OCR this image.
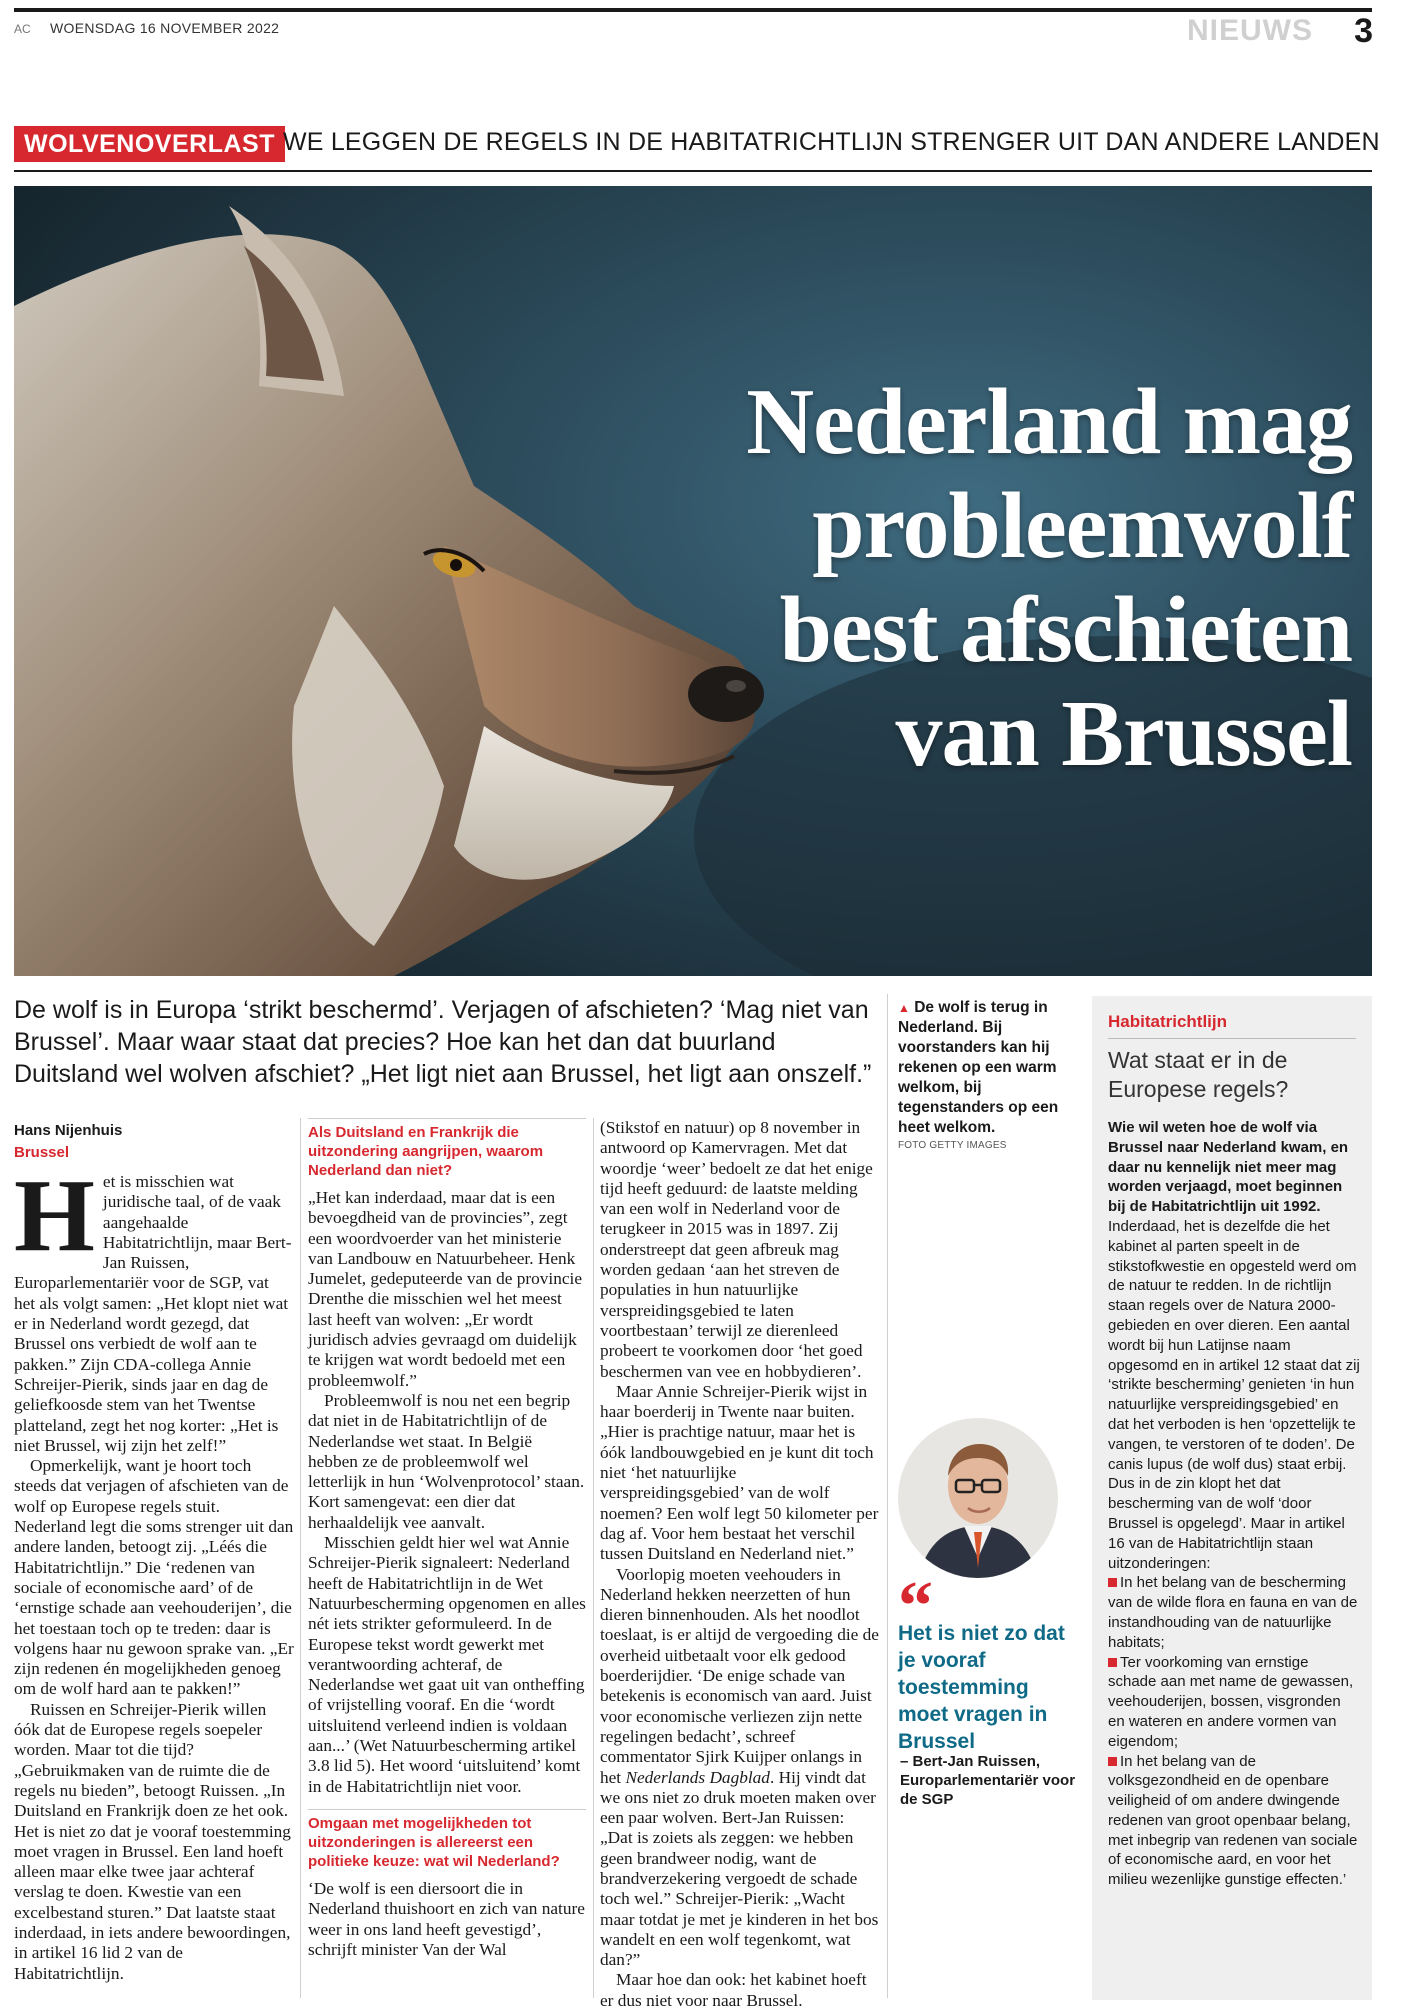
AC WOENSDAG 16 NOVEMBER 2022	NIEUWS 3
WOLVENOVERLAST WE LEGGEN DE REGELS IN DE HABITATRICHTLIJN STRENGER UIT DAN ANDERE LANDEN
Nederland mag
probleemwolf
best afschieten
van Brussel
De wolf is in Europa ‘strikt beschermd’. Verjagen of afschieten? ‘Mag niet van Brussel’. Maar waar staat dat precies? Hoe kan het dan dat buurland Duitsland wel wolven afschiet? „Het ligt niet aan Brussel, het ligt aan onszelf.”
Hans Nijenhuis
Brussel
H et is misschien wat juridische taal, of de vaak aangehaalde Habitatrichtlijn, maar Bert-Jan Ruissen, Europarlementariër voor de SGP, vat het als volgt samen: „Het klopt niet wat er in Nederland wordt gezegd, dat Brussel ons verbiedt de wolf aan te pakken.” Zijn CDA-collega Annie Schreijer-Pierik, sinds jaar en dag de geliefkoosde stem van het Twentse platteland, zegt het nog korter: „Het is niet Brussel, wij zijn het zelf!”

Opmerkelijk, want je hoort toch steeds dat verjagen of afschieten van de wolf op Europese regels stuit. Nederland legt die soms strenger uit dan andere landen, betoogt zij. „Léés die Habitatrichtlijn.” Die ‘redenen van sociale of economische aard’ of de ‘ernstige schade aan veehouderijen’, die het toestaan toch op te treden: daar is volgens haar nu gewoon sprake van. „Er zijn redenen én mogelijkheden genoeg om de wolf hard aan te pakken!”

Ruissen en Schreijer-Pierik willen óók dat de Europese regels soepeler worden. Maar tot die tijd? „Gebruikmaken van de ruimte die de regels nu bieden”, betoogt Ruissen. „In Duitsland en Frankrijk doen ze het ook. Het is niet zo dat je vooraf toestemming moet vragen in Brussel. Een land hoeft alleen maar elke twee jaar achteraf verslag te doen. Kwestie van een excelbestand sturen.” Dat laatste staat inderdaad, in iets andere bewoordingen, in artikel 16 lid 2 van de Habitatrichtlijn.

Als Duitsland en Frankrijk die uitzondering aangrijpen, waarom Nederland dan niet?

„Het kan inderdaad, maar dat is een bevoegdheid van de provincies”, zegt een woordvoerder van het ministerie van Landbouw en Natuurbeheer. Henk Jumelet, gedeputeerde van de provincie Drenthe die misschien wel het meest last heeft van wolven: „Er wordt juridisch advies gevraagd om duidelijk te krijgen wat wordt bedoeld met een probleemwolf.”

Probleemwolf is nou net een begrip dat niet in de Habitatrichtlijn of de Nederlandse wet staat. In België hebben ze de probleemwolf wel letterlijk in hun ‘Wolvenprotocol’ staan. Kort samengevat: een dier dat herhaaldelijk vee aanvalt.

Misschien geldt hier wel wat Annie Schreijer-Pierik signaleert: Nederland heeft de Habitatrichtlijn in de Wet Natuurbescherming opgenomen en alles nét iets strikter geformuleerd. In de Europese tekst wordt gewerkt met verantwoording achteraf, de Nederlandse wet gaat uit van ontheffing of vrijstelling vooraf. En die ‘wordt uitsluitend verleend indien is voldaan aan...’ (Wet Natuurbescherming artikel 3.8 lid 5). Het woord ‘uitsluitend’ komt in de Habitatrichtlijn niet voor.

Omgaan met mogelijkheden tot uitzonderingen is allereerst een politieke keuze: wat wil Nederland?

‘De wolf is een diersoort die in Nederland thuishoort en zich van nature weer in ons land heeft gevestigd’, schrijft minister Van der Wal

(Stikstof en natuur) op 8 november in antwoord op Kamervragen. Met dat woordje ‘weer’ bedoelt ze dat het enige tijd heeft geduurd: de laatste melding van een wolf in Nederland voor de terugkeer in 2015 was in 1897. Zij onderstreept dat geen afbreuk mag worden gedaan ‘aan het streven de populaties in hun natuurlijke verspreidingsgebied te laten voortbestaan’ terwijl ze dierenleed probeert te voorkomen door ‘het goed beschermen van vee en hobbydieren’.

Maar Annie Schreijer-Pierik wijst in haar boerderij in Twente naar buiten. „Hier is prachtige natuur, maar het is óók landbouwgebied en je kunt dit toch niet ‘het natuurlijke verspreidingsgebied’ van de wolf noemen? Een wolf legt 50 kilometer per dag af. Voor hem bestaat het verschil tussen Duitsland en Nederland niet.”

Voorlopig moeten veehouders in Nederland hekken neerzetten of hun dieren binnenhouden. Als het noodlot toeslaat, is er altijd de vergoeding die de overheid uitbetaalt voor elk gedood boerderijdier. ‘De enige schade van betekenis is economisch van aard. Juist voor economische verliezen zijn nette regelingen bedacht’, schreef commentator Sjirk Kuijper onlangs in het Nederlands Dagblad. Hij vindt dat we ons niet zo druk moeten maken over een paar wolven. Bert-Jan Ruissen: „Dat is zoiets als zeggen: we hebben geen brandweer nodig, want de brandverzekering vergoedt de schade toch wel.” Schreijer-Pierik: „Wacht maar totdat je met je kinderen in het bos wandelt en een wolf tegenkomt, wat dan?”

Maar hoe dan ook: het kabinet hoeft er dus niet voor naar Brussel.

▲ De wolf is terug in Nederland. Bij voorstanders kan hij rekenen op een warm welkom, bij tegenstanders op een heet welkom.
FOTO GETTY IMAGES
“
Het is niet zo dat je vooraf toestemming moet vragen in Brussel
– Bert-Jan Ruissen, Europarlementariër voor de SGP
Habitatrichtlijn
Wat staat er in de Europese regels?

Wie wil weten hoe de wolf via Brussel naar Nederland kwam, en daar nu kennelijk niet meer mag worden verjaagd, moet beginnen bij de Habitatrichtlijn uit 1992. Inderdaad, het is dezelfde die het kabinet al parten speelt in de stikstofkwestie en opgesteld werd om de natuur te redden. In de richtlijn staan regels over de Natura 2000-gebieden en over dieren. Een aantal wordt bij hun Latijnse naam opgesomd en in artikel 12 staat dat zij ‘strikte bescherming’ genieten ‘in hun natuurlijke verspreidingsgebied’ en dat het verboden is hen ‘opzettelijk te vangen, te verstoren of te doden’. De canis lupus (de wolf dus) staat erbij. Dus in de zin klopt het dat bescherming van de wolf ‘door Brussel is opgelegd’. Maar in artikel 16 van de Habitatrichtlijn staan uitzonderingen:

In het belang van de bescherming van de wilde flora en fauna en van de instandhouding van de natuurlijke habitats;

Ter voorkoming van ernstige schade aan met name de gewassen, veehouderijen, bossen, visgronden en wateren en andere vormen van eigendom;

In het belang van de volksgezondheid en de openbare veiligheid of om andere dwingende redenen van groot openbaar belang, met inbegrip van redenen van sociale of economische aard, en voor het milieu wezenlijke gunstige effecten.’
